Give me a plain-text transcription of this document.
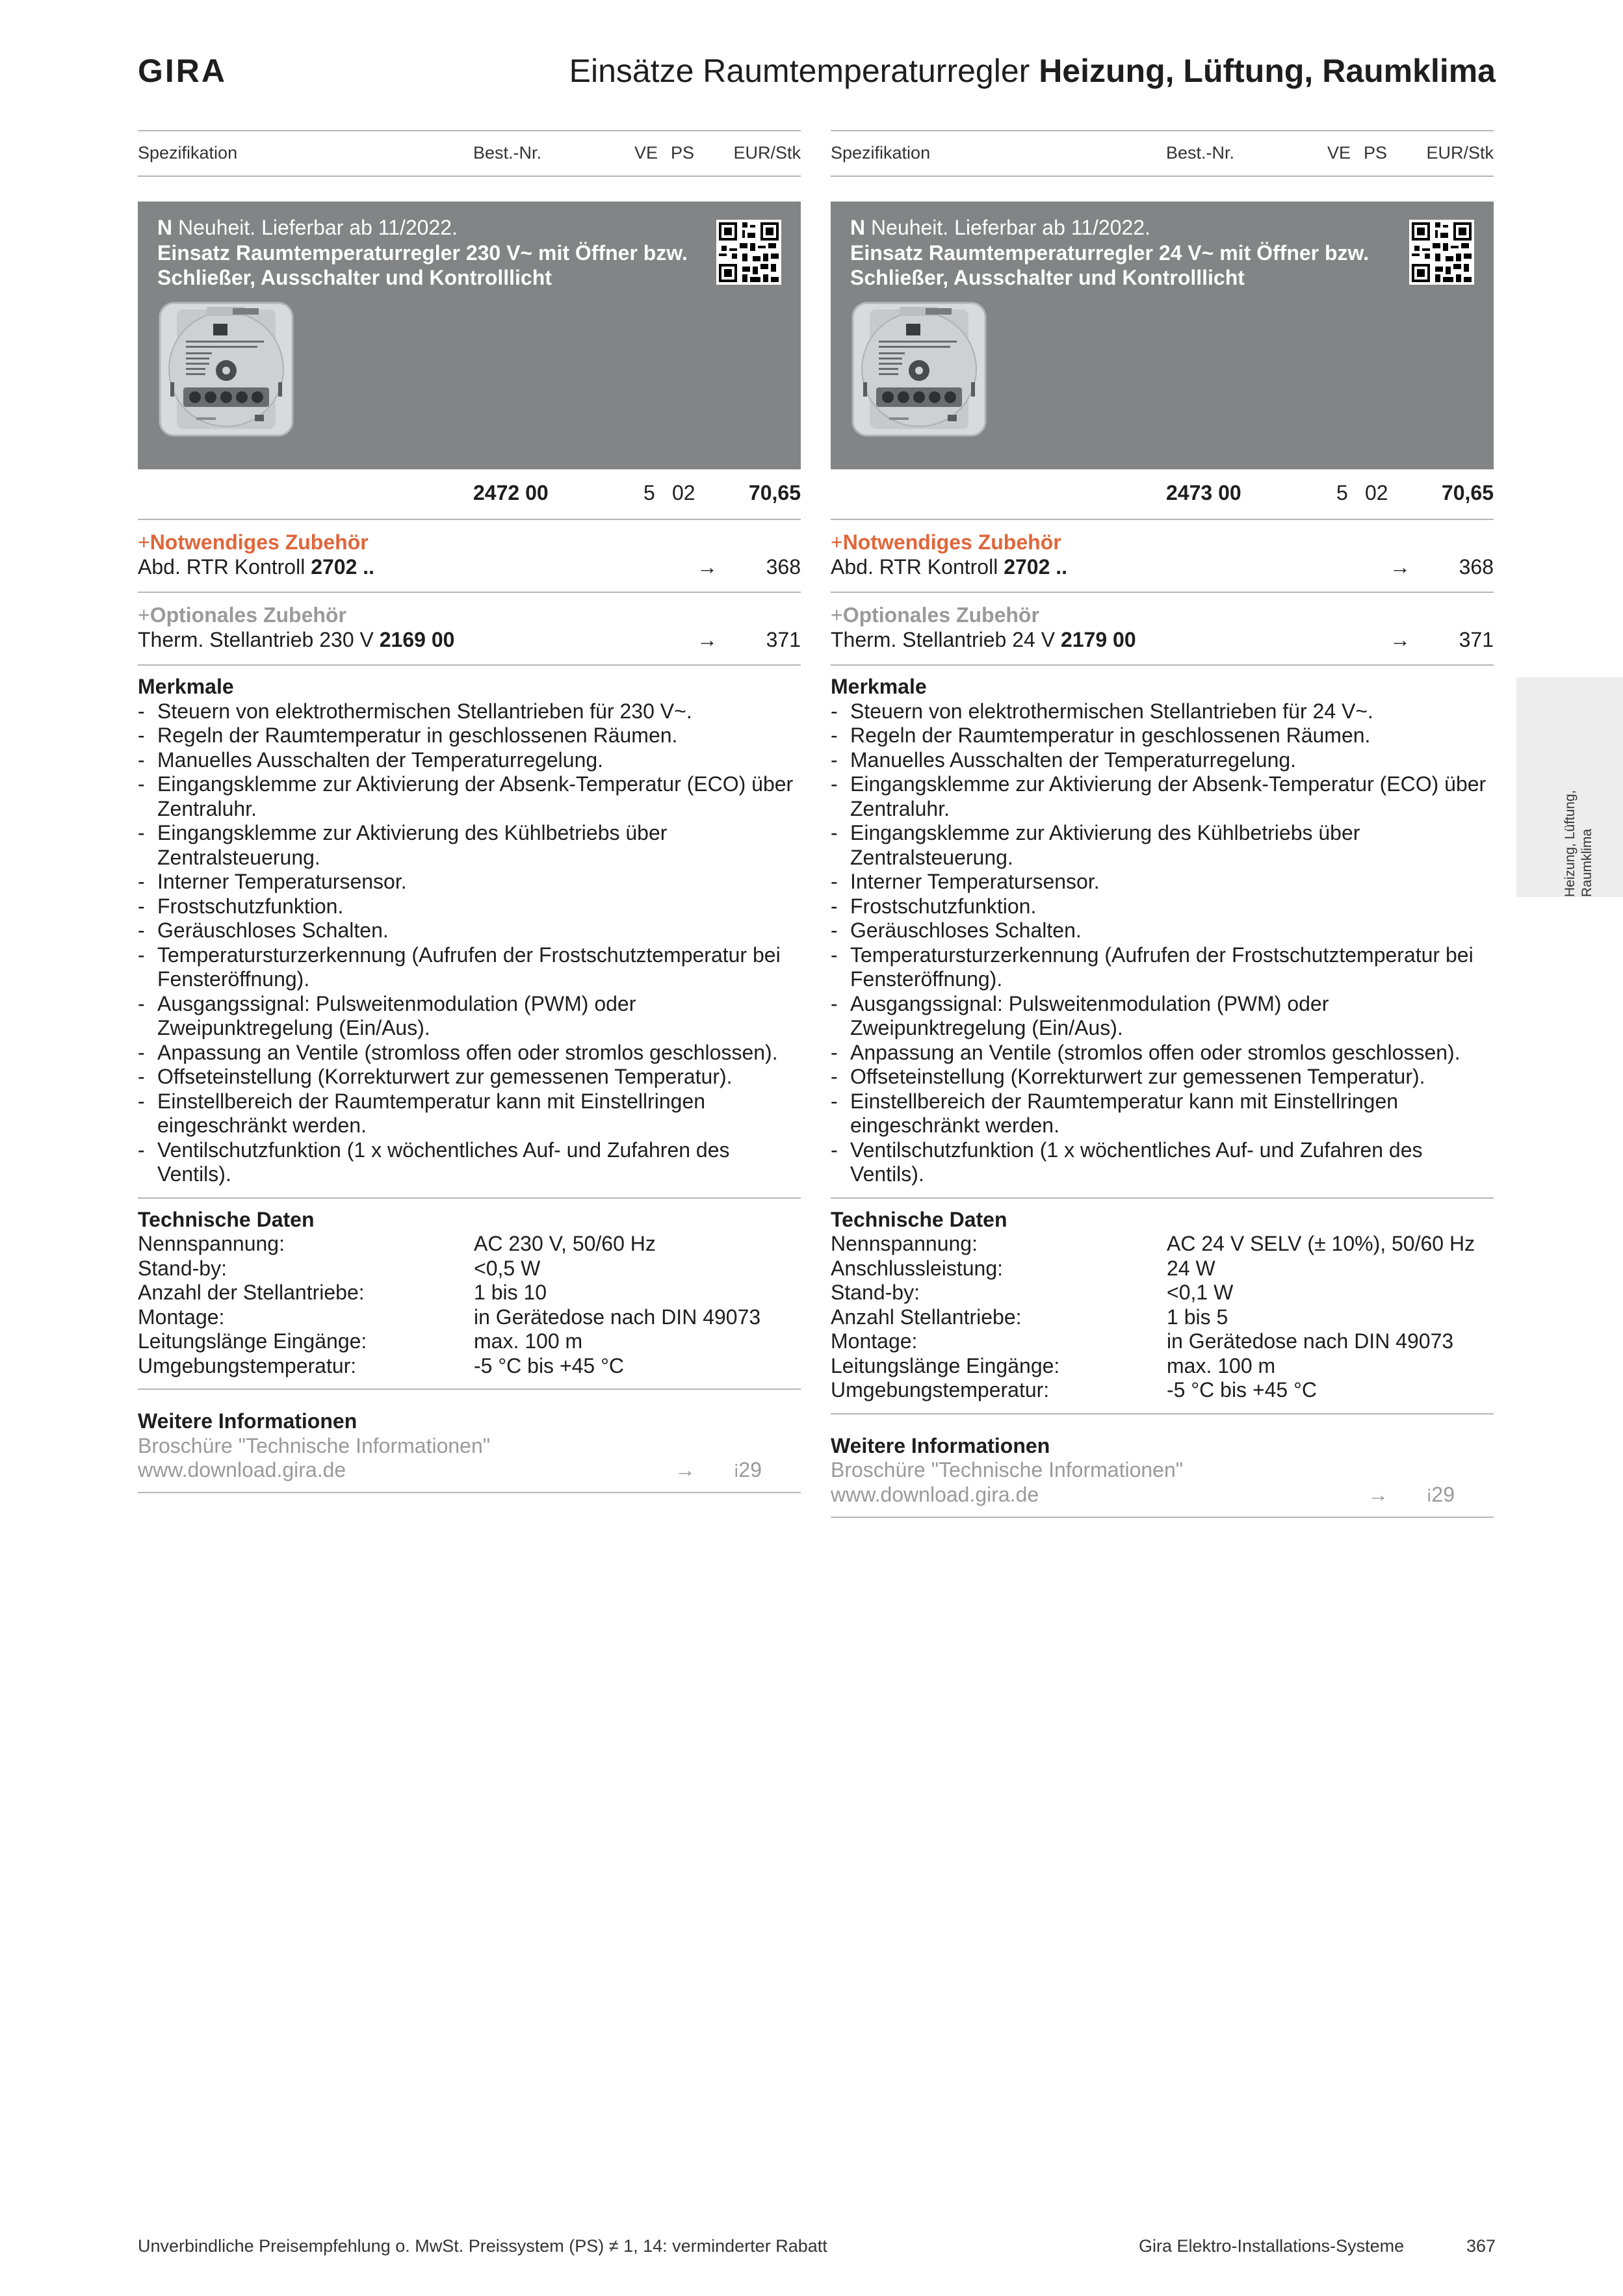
GIRA	Einsätze Raumtemperaturregler Heizung, Lüftung, Raumklima
Heizung, Lüftung, Raumklima
Spezifikation	Best.-Nr.	VE PS EUR/Stk
N Neuheit. Lieferbar ab 11/2022.
Einsatz Raumtemperaturregler 230 V~ mit Öffner bzw. Schließer, Ausschalter und Kontrolllicht
2472 00	5 02	70,65
+Notwendiges Zubehör
Abd. RTR Kontroll 2702 ..	→ 368
+Optionales Zubehör
Therm. Stellantrieb 230 V 2169 00	→ 371
Merkmale
- Steuern von elektrothermischen Stellantrieben für 230 V~.
- Regeln der Raumtemperatur in geschlossenen Räumen.
- Manuelles Ausschalten der Temperaturregelung.
- Eingangsklemme zur Aktivierung der Absenk-Temperatur (ECO) über Zentraluhr.
- Eingangsklemme zur Aktivierung des Kühlbetriebs über Zentralsteuerung.
- Interner Temperatursensor.
- Frostschutzfunktion.
- Geräuschloses Schalten.
- Temperatursturzerkennung (Aufrufen der Frostschutztemperatur bei Fensteröffnung).
- Ausgangssignal: Pulsweitenmodulation (PWM) oder Zweipunktregelung (Ein/Aus).
- Anpassung an Ventile (stromloss offen oder stromlos geschlossen).
- Offseteinstellung (Korrekturwert zur gemessenen Temperatur).
- Einstellbereich der Raumtemperatur kann mit Einstellringen eingeschränkt werden.
- Ventilschutzfunktion (1 x wöchentliches Auf- und Zufahren des Ventils).
Technische Daten
Nennspannung:	AC 230 V, 50/60 Hz
Stand-by:	<0,5 W
Anzahl der Stellantriebe:	1 bis 10
Montage:	in Gerätedose nach DIN 49073
Leitungslänge Eingänge:	max. 100 m
Umgebungstemperatur:	-5 °C bis +45 °C
Weitere Informationen
Broschüre "Technische Informationen"
www.download.gira.de	→ ⅰ29
Spezifikation	Best.-Nr.	VE PS EUR/Stk
N Neuheit. Lieferbar ab 11/2022.
Einsatz Raumtemperaturregler 24 V~ mit Öffner bzw. Schließer, Ausschalter und Kontrolllicht
2473 00	5 02	70,65
+Notwendiges Zubehör
Abd. RTR Kontroll 2702 ..	→ 368
+Optionales Zubehör
Therm. Stellantrieb 24 V 2179 00	→ 371
Merkmale
- Steuern von elektrothermischen Stellantrieben für 24 V~.
- Regeln der Raumtemperatur in geschlossenen Räumen.
- Manuelles Ausschalten der Temperaturregelung.
- Eingangsklemme zur Aktivierung der Absenk-Temperatur (ECO) über Zentraluhr.
- Eingangsklemme zur Aktivierung des Kühlbetriebs über Zentralsteuerung.
- Interner Temperatursensor.
- Frostschutzfunktion.
- Geräuschloses Schalten.
- Temperatursturzerkennung (Aufrufen der Frostschutztemperatur bei Fensteröffnung).
- Ausgangssignal: Pulsweitenmodulation (PWM) oder Zweipunktregelung (Ein/Aus).
- Anpassung an Ventile (stromlos offen oder stromlos geschlossen).
- Offseteinstellung (Korrekturwert zur gemessenen Temperatur).
- Einstellbereich der Raumtemperatur kann mit Einstellringen eingeschränkt werden.
- Ventilschutzfunktion (1 x wöchentliches Auf- und Zufahren des Ventils).
Technische Daten
Nennspannung:	AC 24 V SELV (± 10%), 50/60 Hz
Anschlussleistung:	24 W
Stand-by:	<0,1 W
Anzahl Stellantriebe:	1 bis 5
Montage:	in Gerätedose nach DIN 49073
Leitungslänge Eingänge:	max. 100 m
Umgebungstemperatur:	-5 °C bis +45 °C
Weitere Informationen
Broschüre "Technische Informationen"
www.download.gira.de	→ ⅰ29
Unverbindliche Preisempfehlung o. MwSt. Preissystem (PS) ≠ 1, 14: verminderter Rabatt	Gira Elektro-Installations-Systeme	367
